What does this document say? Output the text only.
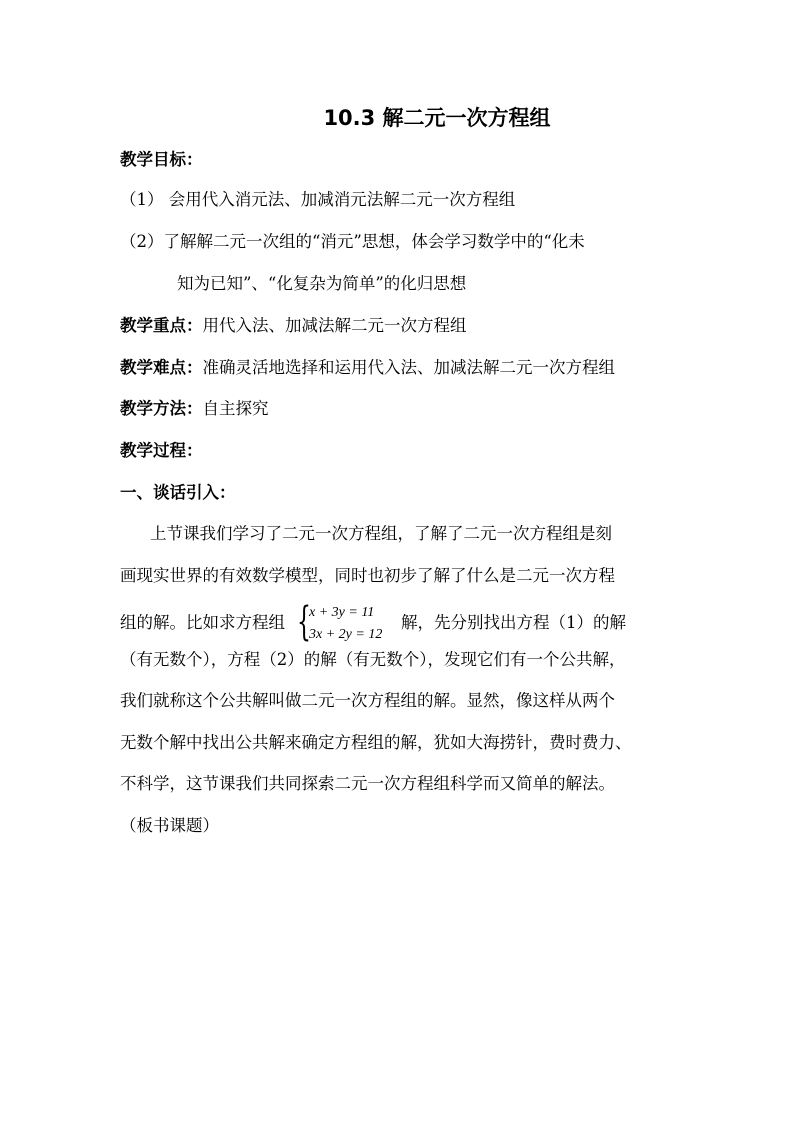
10.3 解二元一次方程组
教学目标：
（1） 会用代入消元法、加减消元法解二元一次方程组
（2）了解解二元一次组的“消元”思想，体会学习数学中的“化未
知为已知”、“化复杂为简单”的化归思想
教学重点：用代入法、加减法解二元一次方程组
教学难点：准确灵活地选择和运用代入法、加减法解二元一次方程组
教学方法：自主探究
教学过程：
一、谈话引入：
上节课我们学习了二元一次方程组，了解了二元一次方程组是刻
画现实世界的有效数学模型，同时也初步了解了什么是二元一次方程
组的解。比如求方程组 {
x + 3y = 11
3x + 2y = 12
解，先分别找出方程（1）的解
（有无数个），方程（2）的解（有无数个），发现它们有一个公共解，
我们就称这个公共解叫做二元一次方程组的解。显然，像这样从两个
无数个解中找出公共解来确定方程组的解，犹如大海捞针，费时费力、
不科学，这节课我们共同探索二元一次方程组科学而又简单的解法。
（板书课题）
